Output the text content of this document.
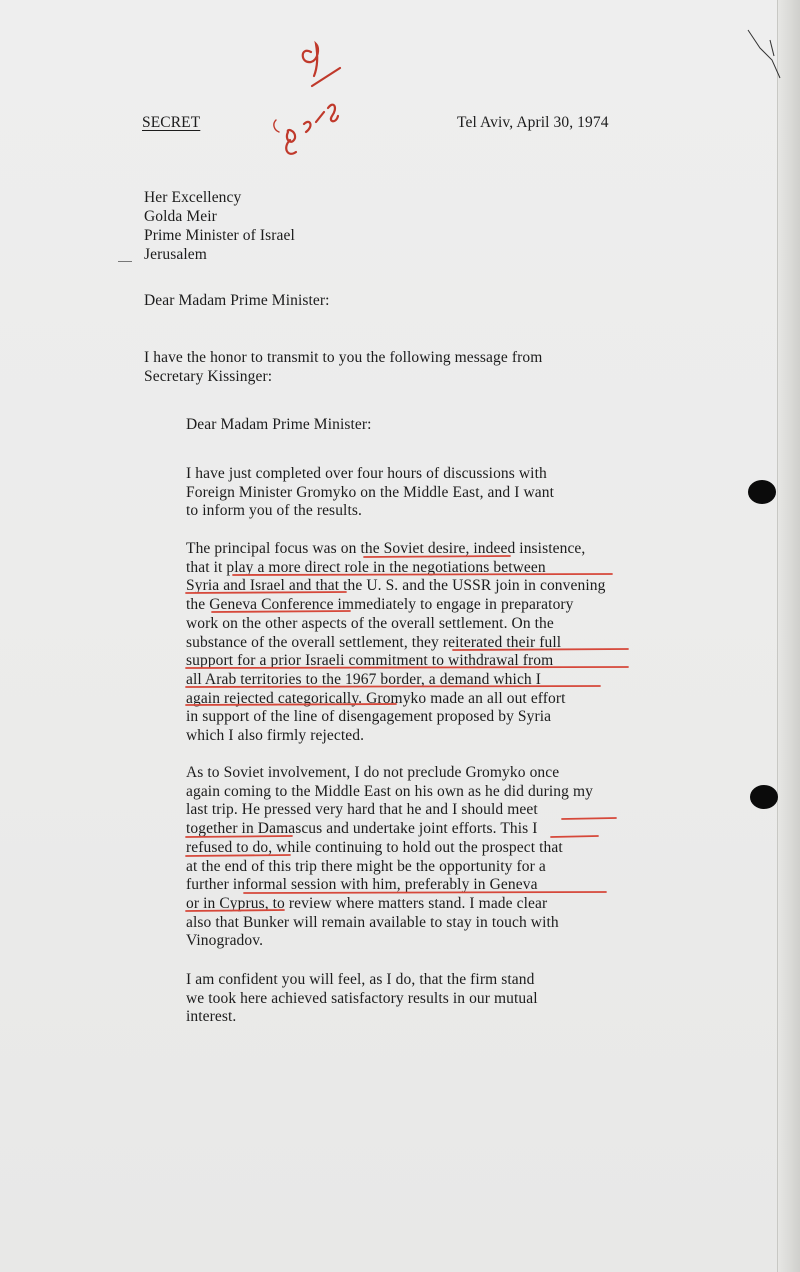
SECRET	Tel Aviv, April 30, 1974
Her Excellency
Golda Meir
Prime Minister of Israel
Jerusalem
Dear Madam Prime Minister:
I have the honor to transmit to you the following message from
Secretary Kissinger:
Dear Madam Prime Minister:
I have just completed over four hours of discussions with
Foreign Minister Gromyko on the Middle East, and I want
to inform you of the results.
The principal focus was on the Soviet desire, indeed insistence,
that it play a more direct role in the negotiations between
Syria and Israel and that the U. S. and the USSR join in convening
the Geneva Conference immediately to engage in preparatory
work on the other aspects of the overall settlement. On the
substance of the overall settlement, they reiterated their full
support for a prior Israeli commitment to withdrawal from
all Arab territories to the 1967 border, a demand which I
again rejected categorically. Gromyko made an all out effort
in support of the line of disengagement proposed by Syria
which I also firmly rejected.
As to Soviet involvement, I do not preclude Gromyko once
again coming to the Middle East on his own as he did during my
last trip. He pressed very hard that he and I should meet
together in Damascus and undertake joint efforts. This I
refused to do, while continuing to hold out the prospect that
at the end of this trip there might be the opportunity for a
further informal session with him, preferably in Geneva
or in Cyprus, to review where matters stand. I made clear
also that Bunker will remain available to stay in touch with
Vinogradov.
I am confident you will feel, as I do, that the firm stand
we took here achieved satisfactory results in our mutual
interest.
